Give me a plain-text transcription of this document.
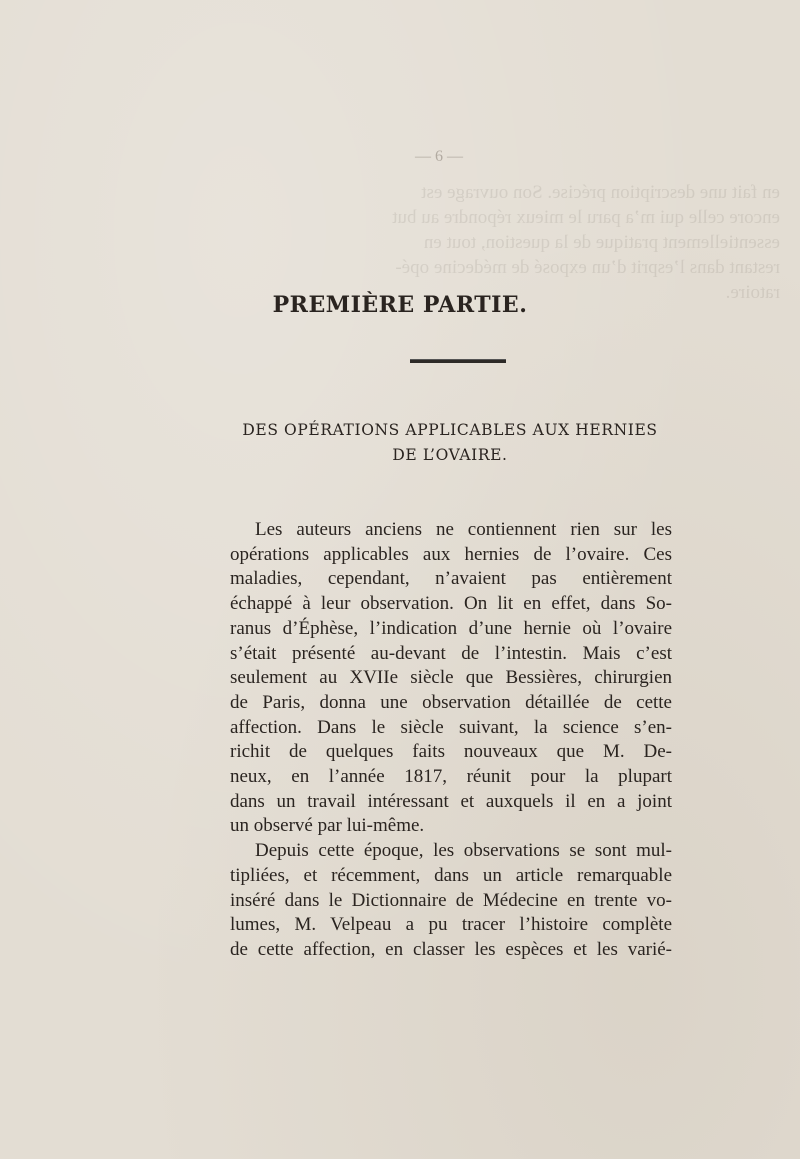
en fait une description précise. Son ouvrage est
encore celle qui m’a paru le mieux répondre au but
essentiellement pratique de la question, tout en
restant dans l’esprit d’un exposé de médecine opé-
ratoire.
— 6 —
PREMIÈRE PARTIE.
DES OPÉRATIONS APPLICABLES AUX HERNIES
DE L’OVAIRE.
Les auteurs anciens ne contiennent rien sur les
opérations applicables aux hernies de l’ovaire. Ces
maladies, cependant, n’avaient pas entièrement
échappé à leur observation. On lit en effet, dans So-
ranus d’Éphèse, l’indication d’une hernie où l’ovaire
s’était présenté au-devant de l’intestin. Mais c’est
seulement au XVIIe siècle que Bessières, chirurgien
de Paris, donna une observation détaillée de cette
affection. Dans le siècle suivant, la science s’en-
richit de quelques faits nouveaux que M. De-
neux, en l’année 1817, réunit pour la plupart
dans un travail intéressant et auxquels il en a joint
un observé par lui-même.
Depuis cette époque, les observations se sont mul-
tipliées, et récemment, dans un article remarquable
inséré dans le Dictionnaire de Médecine en trente vo-
lumes, M. Velpeau a pu tracer l’histoire complète
de cette affection, en classer les espèces et les varié-
